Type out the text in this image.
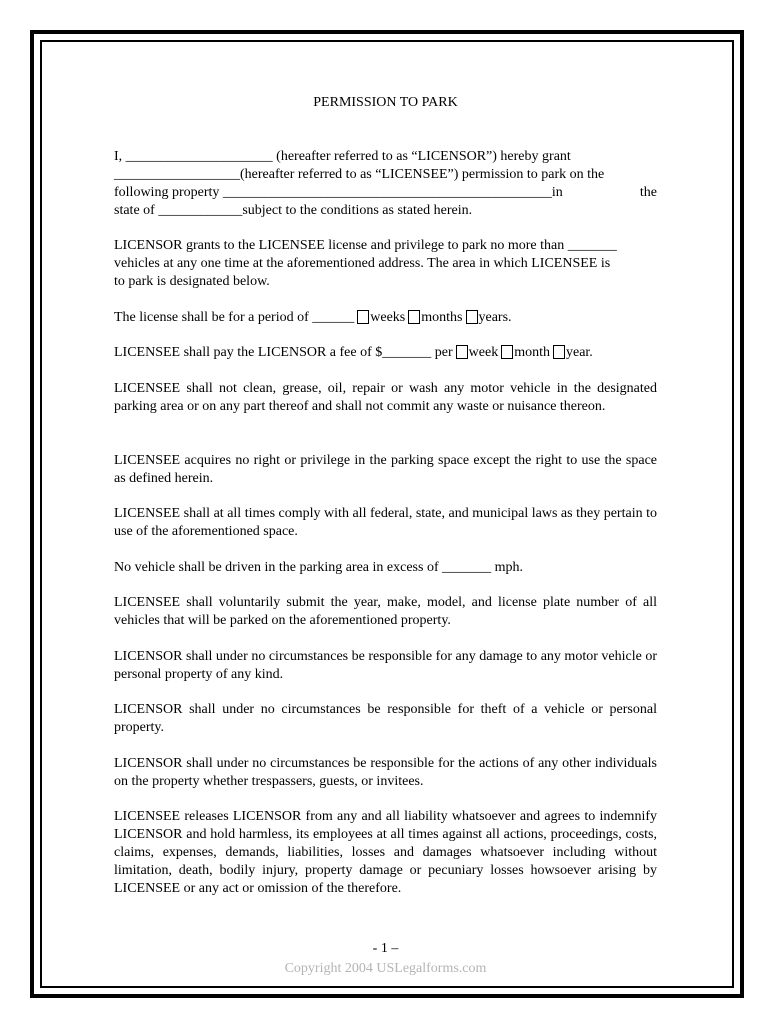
PERMISSION TO PARK

I, _____________________ (hereafter referred to as “LICENSOR”) hereby grant
__________________(hereafter referred to as “LICENSEE”) permission to park on the
following property _______________________________________________in	the
state of ____________subject to the conditions as stated herein.

LICENSOR grants to the LICENSEE license and privilege to park no more than _______
vehicles at any one time at the aforementioned address. The area in which LICENSEE is
to park is designated below.

The license shall be for a period of ______ weeks months years.

LICENSEE shall pay the LICENSOR a fee of $_______ per week month year.

LICENSEE shall not clean, grease, oil, repair or wash any motor vehicle in the designated parking area or on any part thereof and shall not commit any waste or nuisance thereon.

LICENSEE acquires no right or privilege in the parking space except the right to use the space as defined herein.

LICENSEE shall at all times comply with all federal, state, and municipal laws as they pertain to use of the aforementioned space.

No vehicle shall be driven in the parking area in excess of _______ mph.

LICENSEE shall voluntarily submit the year, make, model, and license plate number of all vehicles that will be parked on the aforementioned property.

LICENSOR shall under no circumstances be responsible for any damage to any motor vehicle or personal property of any kind.

LICENSOR shall under no circumstances be responsible for theft of a vehicle or personal property.

LICENSOR shall under no circumstances be responsible for the actions of any other individuals on the property whether trespassers, guests, or invitees.

LICENSEE releases LICENSOR from any and all liability whatsoever and agrees to indemnify LICENSOR and hold harmless, its employees at all times against all actions, proceedings, costs, claims, expenses, demands, liabilities, losses and damages whatsoever including without limitation, death, bodily injury, property damage or pecuniary losses howsoever arising by LICENSEE or any act or omission of the therefore.

- 1 –
Copyright 2004 USLegalforms.com
